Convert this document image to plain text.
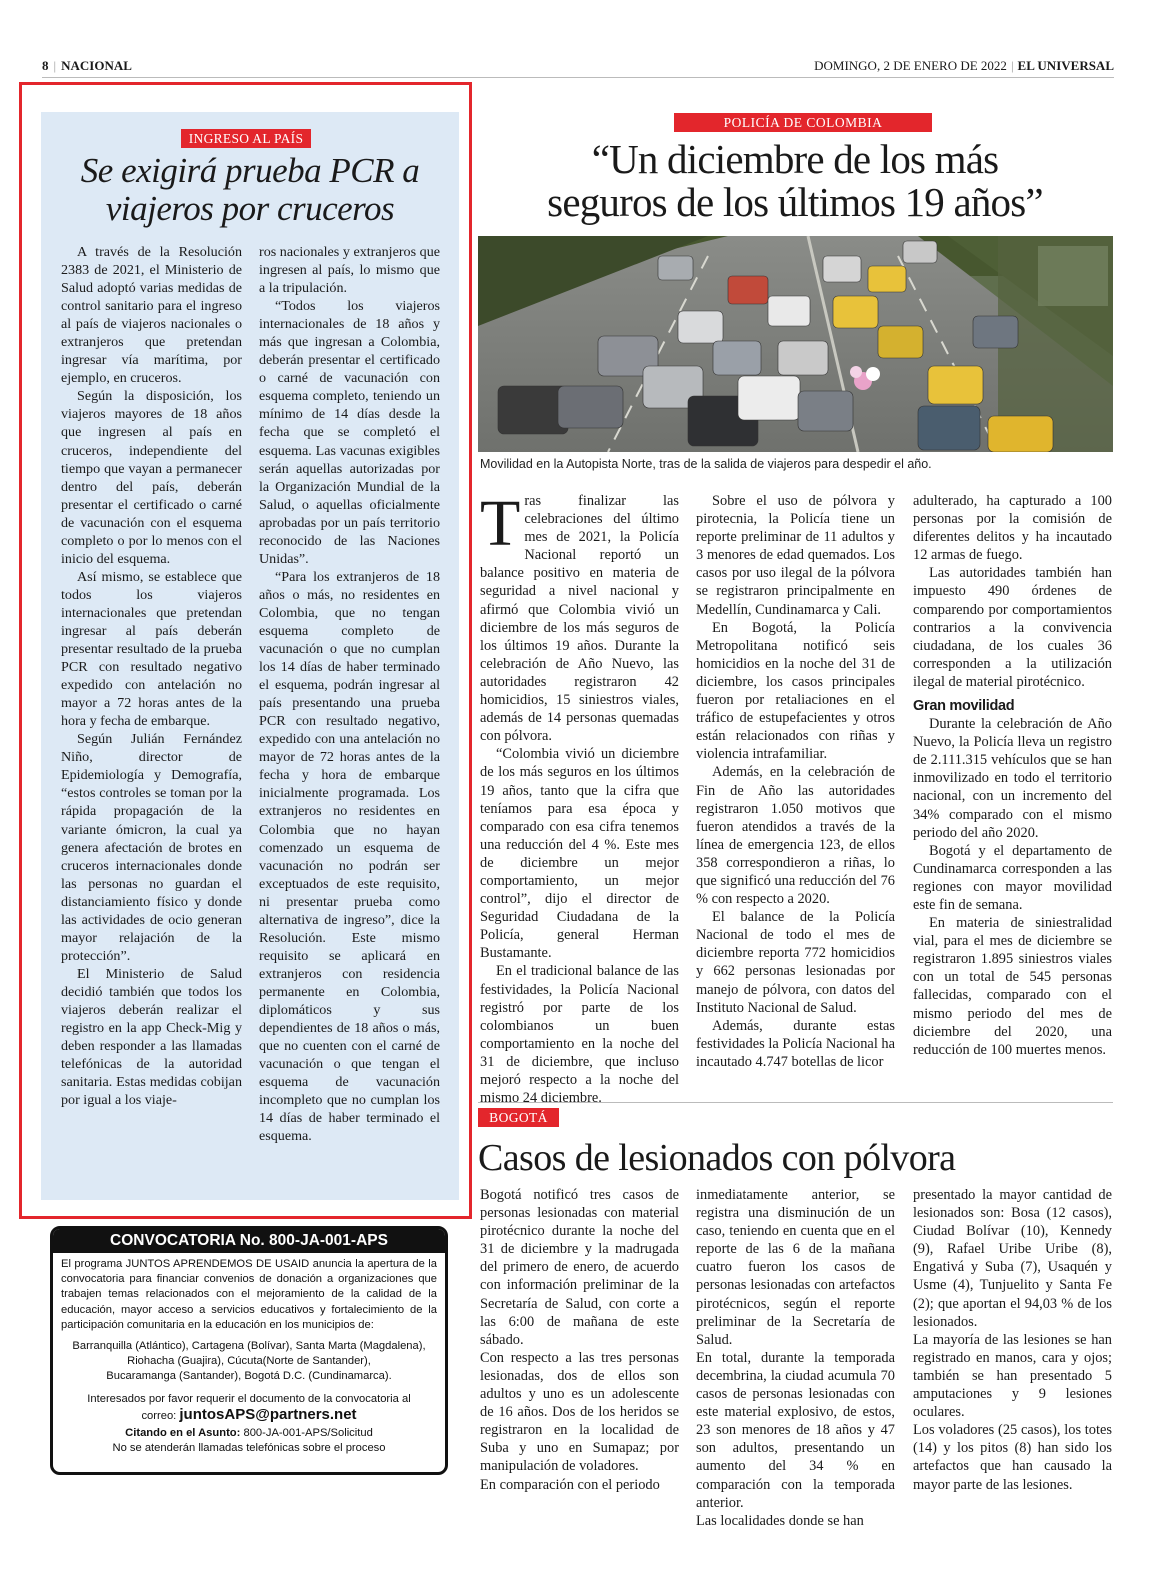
8 | NACIONAL	DOMINGO, 2 DE ENERO DE 2022 | EL UNIVERSAL
INGRESO AL PAÍS
Se exigirá prueba PCR a
viajeros por cruceros

A través de la Resolución 2383 de 2021, el Ministerio de Salud adoptó varias medidas de control sanitario para el ingreso al país de viajeros nacionales o extranjeros que pretendan ingresar vía marítima, por ejemplo, en cruceros.

Según la disposición, los viajeros mayores de 18 años que ingresen al país en cruceros, independiente del tiempo que vayan a permanecer dentro del país, deberán presentar el certificado o carné de vacunación con el esquema completo o por lo menos con el inicio del esquema.

Así mismo, se establece que todos los viajeros internacionales que pretendan ingresar al país deberán presentar resultado de la prueba PCR con resultado negativo expedido con antelación no mayor a 72 horas antes de la hora y fecha de embarque.

Según Julián Fernández Niño, director de Epidemiología y Demografía, “estos controles se toman por la rápida propagación de la variante ómicron, la cual ya genera afectación de brotes en cruceros internacionales donde las personas no guardan el distanciamiento físico y donde las actividades de ocio generan mayor relajación de la protección”.

El Ministerio de Salud decidió también que todos los viajeros deberán realizar el registro en la app Check-Mig y deben responder a las llamadas telefónicas de la autoridad sanitaria. Estas medidas cobijan por igual a los viaje-

ros nacionales y extranjeros que ingresen al país, lo mismo que a la tripulación.

“Todos los viajeros internacionales de 18 años y más que ingresan a Colombia, deberán presentar el certificado o carné de vacunación con esquema completo, teniendo un mínimo de 14 días desde la fecha que se completó el esquema. Las vacunas exigibles serán aquellas autorizadas por la Organización Mundial de la Salud, o aquellas oficialmente aprobadas por un país territorio reconocido de las Naciones Unidas”.

“Para los extranjeros de 18 años o más, no residentes en Colombia, que no tengan esquema completo de vacunación o que no cumplan los 14 días de haber terminado el esquema, podrán ingresar al país presentando una prueba PCR con resultado negativo, expedido con una antelación no mayor de 72 horas antes de la fecha y hora de embarque inicialmente programada. Los extranjeros no residentes en Colombia que no hayan comenzado un esquema de vacunación no podrán ser exceptuados de este requisito, ni presentar prueba como alternativa de ingreso”, dice la Resolución. Este mismo requisito se aplicará en extranjeros con residencia permanente en Colombia, diplomáticos y sus dependientes de 18 años o más, que no cuenten con el carné de vacunación o que tengan el esquema de vacunación incompleto que no cumplan los 14 días de haber terminado el esquema.

POLICÍA DE COLOMBIA
“Un diciembre de los más
seguros de los últimos 19 años”
Movilidad en la Autopista Norte, tras de la salida de viajeros para despedir el año.

Tras finalizar las celebraciones del último mes de 2021, la Policía Nacional reportó un balance positivo en materia de seguridad a nivel nacional y afirmó que Colombia vivió un diciembre de los más seguros de los últimos 19 años. Durante la celebración de Año Nuevo, las autoridades registraron 42 homicidios, 15 siniestros viales, además de 14 personas quemadas con pólvora.

“Colombia vivió un diciembre de los más seguros en los últimos 19 años, tanto que la cifra que teníamos para esa época y comparado con esa cifra tenemos una reducción del 4 %. Este mes de diciembre un mejor comportamiento, un mejor control”, dijo el director de Seguridad Ciudadana de la Policía, general Herman Bustamante.

En el tradicional balance de las festividades, la Policía Nacional registró por parte de los colombianos un buen comportamiento en la noche del 31 de diciembre, que incluso mejoró respecto a la noche del mismo 24 diciembre.

Sobre el uso de pólvora y pirotecnia, la Policía tiene un reporte preliminar de 11 adultos y 3 menores de edad quemados. Los casos por uso ilegal de la pólvora se registraron principalmente en Medellín, Cundinamarca y Cali.

En Bogotá, la Policía Metropolitana notificó seis homicidios en la noche del 31 de diciembre, los casos principales fueron por retaliaciones en el tráfico de estupefacientes y otros están relacionados con riñas y violencia intrafamiliar.

Además, en la celebración de Fin de Año las autoridades registraron 1.050 motivos que fueron atendidos a través de la línea de emergencia 123, de ellos 358 correspondieron a riñas, lo que significó una reducción del 76 % con respecto a 2020.

El balance de la Policía Nacional de todo el mes de diciembre reporta 772 homicidios y 662 personas lesionadas por manejo de pólvora, con datos del Instituto Nacional de Salud.

Además, durante estas festividades la Policía Nacional ha incautado 4.747 botellas de licor

adulterado, ha capturado a 100 personas por la comisión de diferentes delitos y ha incautado 12 armas de fuego.

Las autoridades también han impuesto 490 órdenes de comparendo por comportamientos contrarios a la convivencia ciudadana, de los cuales 36 corresponden a la utilización ilegal de material pirotécnico.

Gran movilidad

Durante la celebración de Año Nuevo, la Policía lleva un registro de 2.111.315 vehículos que se han inmovilizado en todo el territorio nacional, con un incremento del 34% comparado con el mismo periodo del año 2020.

Bogotá y el departamento de Cundinamarca corresponden a las regiones con mayor movilidad este fin de semana.

En materia de siniestralidad vial, para el mes de diciembre se registraron 1.895 siniestros viales con un total de 545 personas fallecidas, comparado con el mismo periodo del mes de diciembre del 2020, una reducción de 100 muertes menos.

BOGOTÁ
Casos de lesionados con pólvora

Bogotá notificó tres casos de personas lesionadas con material pirotécnico durante la noche del 31 de diciembre y la madrugada del primero de enero, de acuerdo con información preliminar de la Secretaría de Salud, con corte a las 6:00 de mañana de este sábado.

Con respecto a las tres personas lesionadas, dos de ellos son adultos y uno es un adolescente de 16 años. Dos de los heridos se registraron en la localidad de Suba y uno en Sumapaz; por manipulación de voladores.

En comparación con el periodo

inmediatamente anterior, se registra una disminución de un caso, teniendo en cuenta que en el reporte de las 6 de la mañana cuatro fueron los casos de personas lesionadas con artefactos pirotécnicos, según el reporte preliminar de la Secretaría de Salud.

En total, durante la temporada decembrina, la ciudad acumula 70 casos de personas lesionadas con este material explosivo, de estos, 23 son menores de 18 años y 47 son adultos, presentando un aumento del 34 % en comparación con la temporada anterior.

Las localidades donde se han

presentado la mayor cantidad de lesionados son: Bosa (12 casos), Ciudad Bolívar (10), Kennedy (9), Rafael Uribe Uribe (8), Engativá y Suba (7), Usaquén y Usme (4), Tunjuelito y Santa Fe (2); que aportan el 94,03 % de los lesionados.

La mayoría de las lesiones se han registrado en manos, cara y ojos; también se han presentado 5 amputaciones y 9 lesiones oculares.

Los voladores (25 casos), los totes (14) y los pitos (8) han sido los artefactos que han causado la mayor parte de las lesiones.

CONVOCATORIA No. 800-JA-001-APS
El programa JUNTOS APRENDEMOS DE USAID anuncia la apertura de la convocatoria para financiar convenios de donación a organizaciones que trabajen temas relacionados con el mejoramiento de la calidad de la educación, mayor acceso a servicios educativos y fortalecimiento de la participación comunitaria en la educación en los municipios de:
Barranquilla (Atlántico), Cartagena (Bolívar), Santa Marta (Magdalena),
Riohacha (Guajira), Cúcuta(Norte de Santander),
Bucaramanga (Santander), Bogotá D.C. (Cundinamarca).
Interesados por favor requerir el documento de la convocatoria al
correo: juntosAPS@partners.net
Citando en el Asunto: 800-JA-001-APS/Solicitud
No se atenderán llamadas telefónicas sobre el proceso
